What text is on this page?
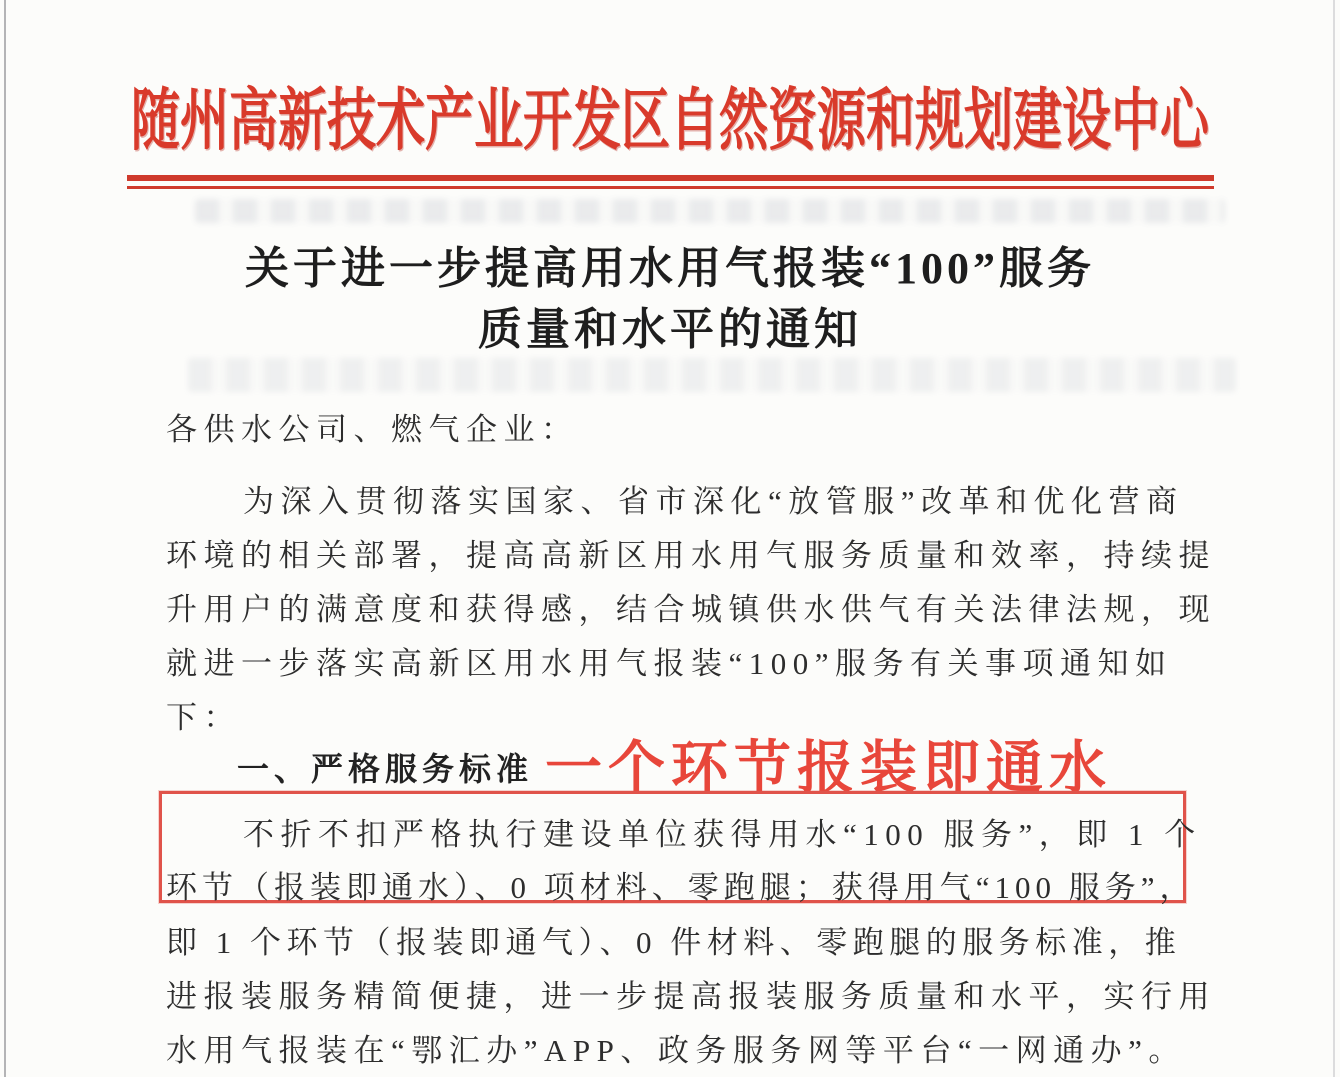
随州高新技术产业开发区自然资源和规划建设中心
关于进一步提高用水用气报装“100”服务
质量和水平的通知
各供水公司、燃气企业：
为深入贯彻落实国家、省市深化“放管服”改革和优化营商
环境的相关部署，提高高新区用水用气服务质量和效率，持续提
升用户的满意度和获得感，结合城镇供水供气有关法律法规，现
就进一步落实高新区用水用气报装“100”服务有关事项通知如
下：
一、严格服务标准 一个环节报装即通水
不折不扣严格执行建设单位获得用水“100 服务”，即 1 个
环节（报装即通水）、0 项材料、零跑腿；获得用气“100 服务”，
即 1 个环节（报装即通气）、0 件材料、零跑腿的服务标准，推
进报装服务精简便捷，进一步提高报装服务质量和水平，实行用
水用气报装在“鄂汇办”APP、政务服务网等平台“一网通办”。
